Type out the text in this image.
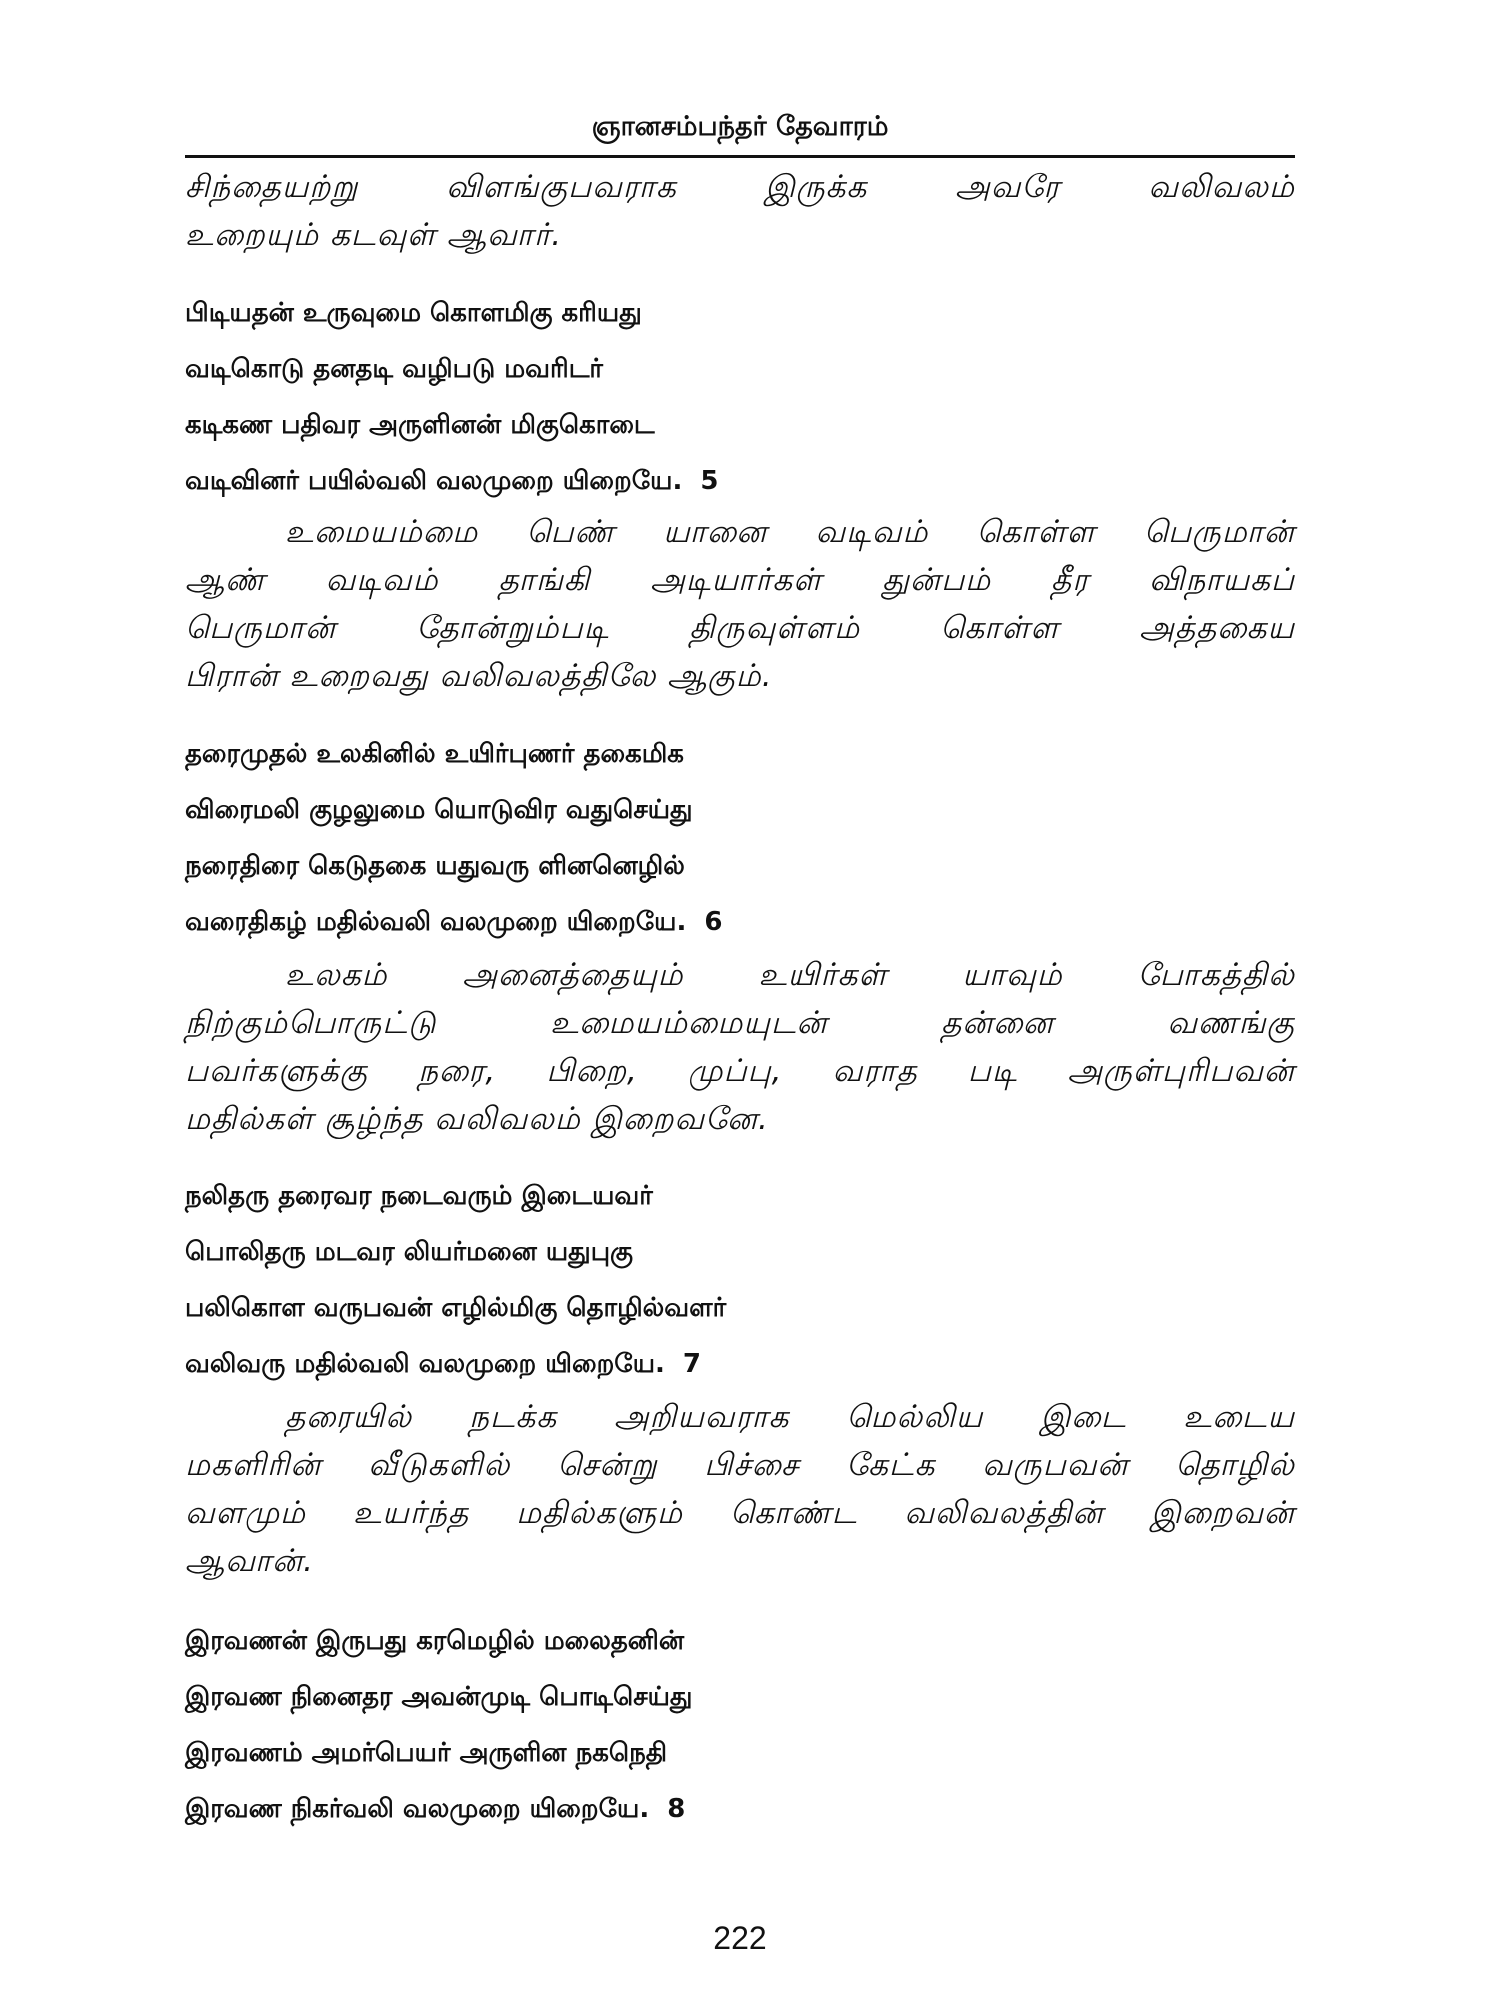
ஞானசம்பந்தர் தேவாரம்
சிந்தையற்று விளங்குபவராக இருக்க அவரே வலிவலம்
உறையும் கடவுள் ஆவார்.
பிடியதன் உருவுமை கொளமிகு கரியது
வடிகொடு தனதடி வழிபடு மவரிடர்
கடிகண பதிவர அருளினன் மிகுகொடை
வடிவினர் பயில்வலி வலமுறை யிறையே. 5
உமையம்மை பெண் யானை வடிவம் கொள்ள பெருமான்
ஆண் வடிவம் தாங்கி அடியார்கள் துன்பம் தீர விநாயகப்
பெருமான் தோன்றும்படி திருவுள்ளம் கொள்ள அத்தகைய
பிரான் உறைவது வலிவலத்திலே ஆகும்.
தரைமுதல் உலகினில் உயிர்புணர் தகைமிக
விரைமலி குழலுமை யொடுவிர வதுசெய்து
நரைதிரை கெடுதகை யதுவரு ளினனெழில்
வரைதிகழ் மதில்வலி வலமுறை யிறையே. 6
உலகம் அனைத்தையும் உயிர்கள் யாவும் போகத்தில்
நிற்கும்பொருட்டு உமையம்மையுடன் தன்னை வணங்கு
பவர்களுக்கு நரை, பிறை, முப்பு, வராத படி அருள்புரிபவன்
மதில்கள் சூழ்ந்த வலிவலம் இறைவனே.
நலிதரு தரைவர நடைவரும் இடையவர்
பொலிதரு மடவர லியர்மனை யதுபுகு
பலிகொள வருபவன் எழில்மிகு தொழில்வளர்
வலிவரு மதில்வலி வலமுறை யிறையே. 7
தரையில் நடக்க அறியவராக மெல்லிய இடை உடைய
மகளிரின் வீடுகளில் சென்று பிச்சை கேட்க வருபவன் தொழில்
வளமும் உயர்ந்த மதில்களும் கொண்ட வலிவலத்தின் இறைவன்
ஆவான்.
இரவணன் இருபது கரமெழில் மலைதனின்
இரவண நினைதர அவன்முடி பொடிசெய்து
இரவணம் அமர்பெயர் அருளின நகநெதி
இரவண நிகர்வலி வலமுறை யிறையே. 8
222
